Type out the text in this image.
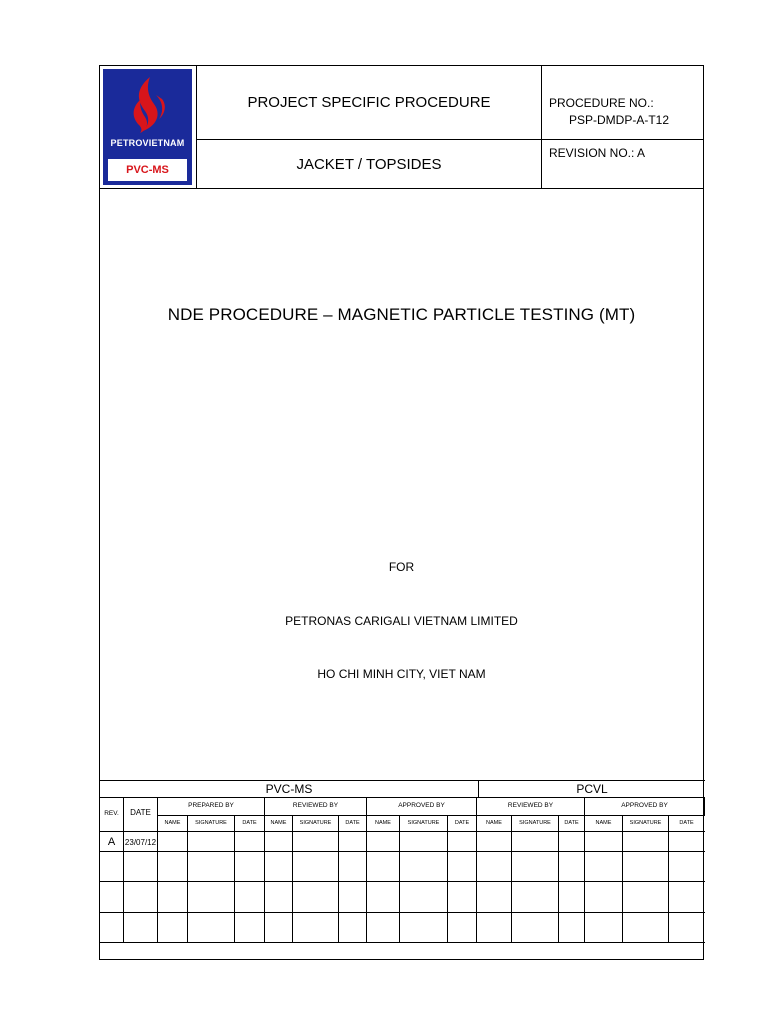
PETROVIETNAM
PVC-MS
PROJECT SPECIFIC PROCEDURE
JACKET / TOPSIDES
PROCEDURE NO.:
PSP-DMDP-A-T12
REVISION NO.: A
NDE PROCEDURE – MAGNETIC PARTICLE TESTING (MT)
FOR
PETRONAS CARIGALI VIETNAM LIMITED
HO CHI MINH CITY, VIET NAM
PVC-MS	PCVL
REV.	DATE
PREPARED BY	REVIEWED BY	APPROVED BY	REVIEWED BY	APPROVED BY
NAME	SIGNATURE	DATE	NAME	SIGNATURE	DATE	NAME	SIGNATURE	DATE	NAME	SIGNATURE	DATE	NAME	SIGNATURE	DATE
A	23/07/12
